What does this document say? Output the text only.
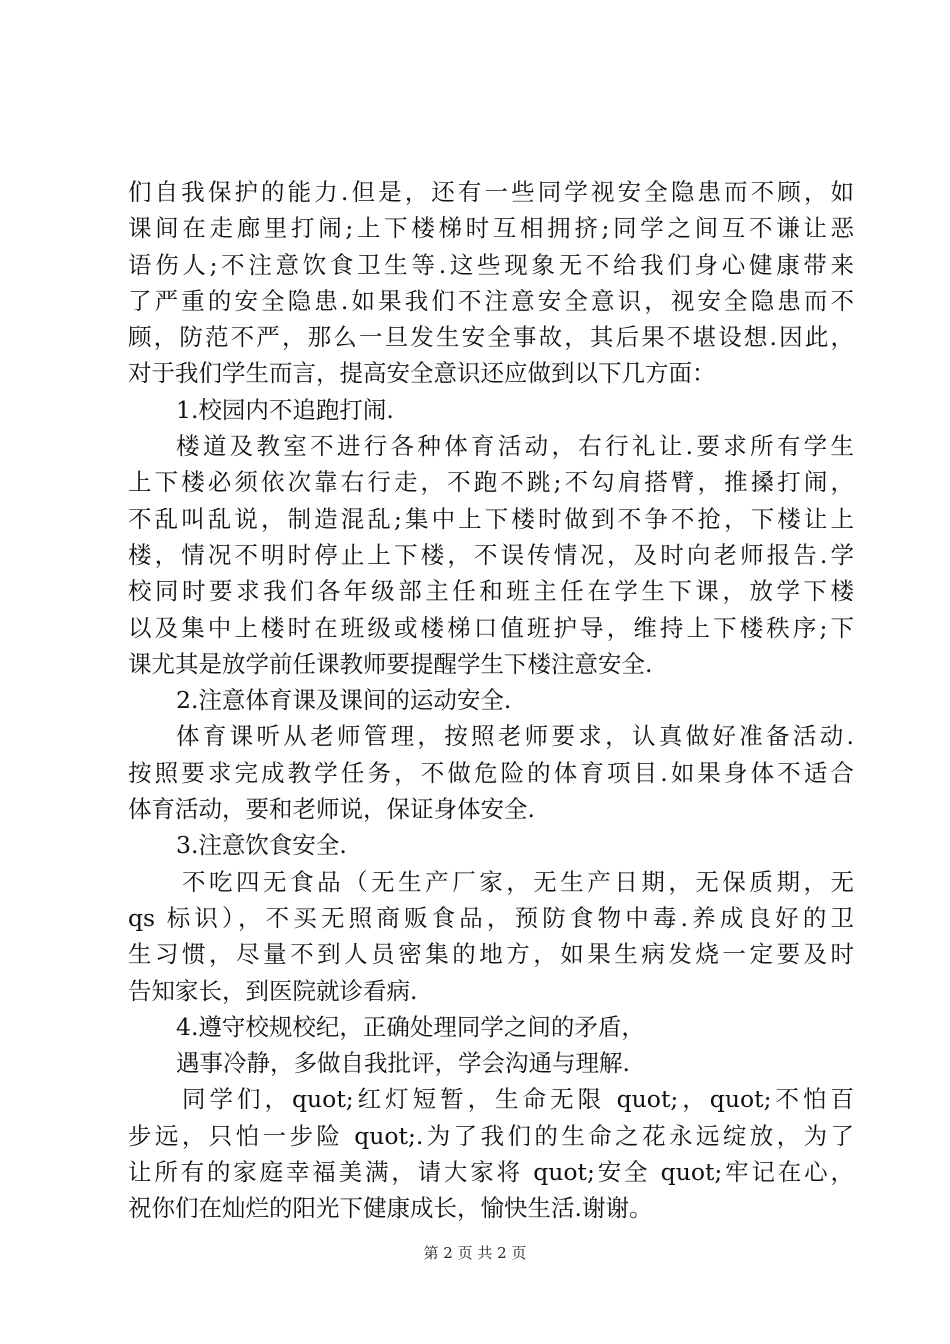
们自我保护的能力.但是，还有一些同学视安全隐患而不顾，如
课间在走廊里打闹;上下楼梯时互相拥挤;同学之间互不谦让恶
语伤人;不注意饮食卫生等.这些现象无不给我们身心健康带来
了严重的安全隐患.如果我们不注意安全意识，视安全隐患而不
顾，防范不严，那么一旦发生安全事故，其后果不堪设想.因此，
对于我们学生而言，提高安全意识还应做到以下几方面：
1.校园内不追跑打闹.
楼道及教室不进行各种体育活动，右行礼让.要求所有学生
上下楼必须依次靠右行走，不跑不跳;不勾肩搭臂，推搡打闹，
不乱叫乱说，制造混乱;集中上下楼时做到不争不抢，下楼让上
楼，情况不明时停止上下楼，不误传情况，及时向老师报告.学
校同时要求我们各年级部主任和班主任在学生下课，放学下楼
以及集中上楼时在班级或楼梯口值班护导，维持上下楼秩序;下
课尤其是放学前任课教师要提醒学生下楼注意安全.
2.注意体育课及课间的运动安全.
体育课听从老师管理，按照老师要求，认真做好准备活动.
按照要求完成教学任务，不做危险的体育项目.如果身体不适合
体育活动，要和老师说，保证身体安全.
3.注意饮食安全.
不吃四无食品（无生产厂家，无生产日期，无保质期，无
qs 标识），不买无照商贩食品，预防食物中毒.养成良好的卫
生习惯，尽量不到人员密集的地方，如果生病发烧一定要及时
告知家长，到医院就诊看病.
4.遵守校规校纪，正确处理同学之间的矛盾，
遇事冷静，多做自我批评，学会沟通与理解.
同学们，quot;红灯短暂，生命无限 quot;，quot;不怕百
步远，只怕一步险 quot;.为了我们的生命之花永远绽放，为了
让所有的家庭幸福美满，请大家将 quot;安全 quot;牢记在心，
祝你们在灿烂的阳光下健康成长，愉快生活.谢谢。
第 2 页 共 2 页
